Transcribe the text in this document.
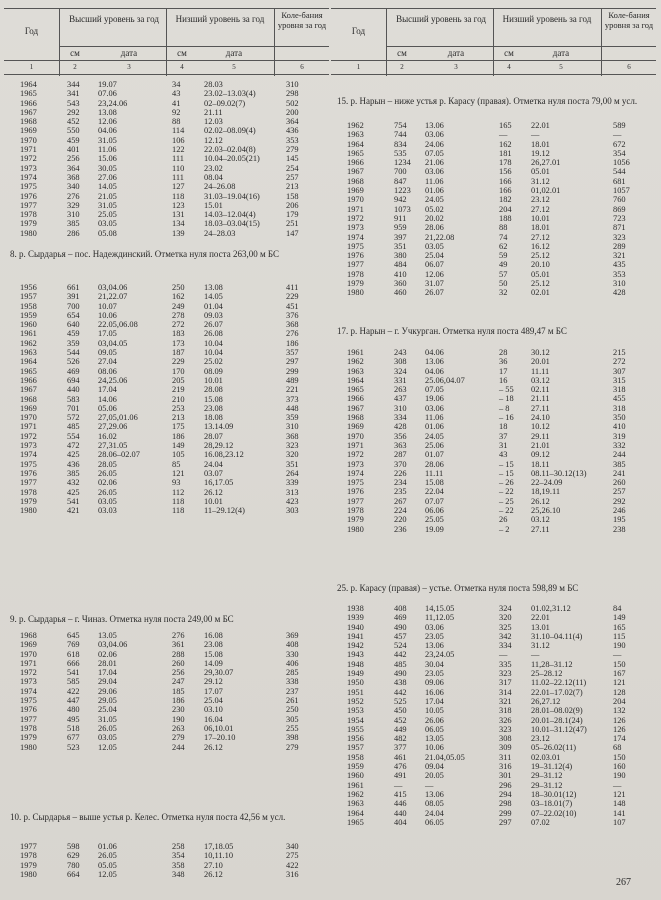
Год
Высший уровень за год	Низший уровень за год	Коле-бания уровня за год
см	дата	см	дата
1	2	3	4	5	6
1964	344 19.07	34	28.03	310
1965	341 07.06	43	23.02–13.03(4)	298
1966	543 23,24.06	41	02–09.02(7)	502
1967	292 13.08	92	21.11	200
1968	452 12.06	88	12.03	364
1969	550 04.06	114 02.02–08.09(4)	436
1970	459 31.05	106 12.12	353
1971	401 11.06	122 22.03–02.04(8)	279
1972	256 15.06	111 10.04–20.05(21)	145
1973	364 30.05	110 23.02	254
1974	368 27.06	111 08.04	257
1975	340 14.05	127 24–26.08	213
1976	276 21.05	118 31.03–19.04(16)	158
1977	329 31.05	123 15.01	206
1978	310 25.05	131 14.03–12.04(4)	179
1979	385 03.05	134 18.03–03.04(15)	251
1980	286 05.08	139 24–28.03	147
8. р. Сырдарья – пос. Надеждинский. Отметка нуля поста 263,00 м БС
1956	661 03,04.06	250 13.08	411
1957	391 21,22.07	162 14.05	229
1958	700 10.07	249 01.04	451
1959	654 10.06	278 09.03	376
1960	640 22.05,06.08	272 26.07	368
1961	459 17.05	183 26.08	276
1962	359 03,04.05	173 10.04	186
1963	544 09.05	187 10.04	357
1964	526 27.04	229 25.02	297
1965	469 08.06	170 08.09	299
1966	694 24,25.06	205 10.01	489
1967	440 17.04	219 28.08	221
1968	583 14.06	210 15.08	373
1969	701 05.06	253 23.08	448
1970	572 27,05,01.06	213 18.08	359
1971	485 27,29.06	175 13.14.09	310
1972	554 16.02	186 28.07	368
1973	472 27,31.05	149 28,29.12	323
1974	425 28.06–02.07	105 16.08,23.12	320
1975	436 28.05	85	24.04	351
1976	385 26.05	121 03.07	264
1977	432 02.06	93	16,17.05	339
1978	425 26.05	112 26.12	313
1979	541 03.05	118 10.01	423
1980	421 03.03	118 11–29.12(4)	303
9. р. Сырдарья – г. Чиназ. Отметка нуля поста 249,00 м БС
1968	645 13.05	276 16.08	369
1969	769 03,04.06	361 23.08	408
1970	618 02.06	288 15.08	330
1971	666 28.01	260 14.09	406
1972	541 17.04	256 29,30.07	285
1973	585 29.04	247 29.12	338
1974	422 29.06	185 17.07	237
1975	447 29.05	186 25.04	261
1976	480 25.04	230 03.10	250
1977	495 31.05	190 16.04	305
1978	518 26.05	263 06,10.01	255
1979	677 03.05	279 17–20.10	398
1980	523 12.05	244 26.12	279
10. р. Сырдарья – выше устья р. Келес. Отметка нуля поста 42,56 м усл.
1977	598 01.06	258 17,18.05	340
1978	629 26.05	354 10,11.10	275
1979	780 05.05	358 27.10	422
1980	664 12.05	348 26.12	316
Год
Высший уровень за год	Низший уровень за год	Коле-бания уровня за год
см	дата	см	дата
1	2	3	4	5	6
15. р. Нарын – ниже устья р. Карасу (правая). Отметка нуля поста 79,00 м усл.
1962	754 13.06	165 22.01	589
1963	744 03.06	—	—	—
1964	834 24.06	162 18.01	672
1965	535 07.05	181 19.12	354
1966	1234 21.06	178 26,27.01	1056
1967	700 03.06	156 05.01	544
1968	847 11.06	166 31.12	681
1969	1223 01.06	166 01,02.01	1057
1970	942 24.05	182 23.12	760
1971	1073 05.02	204 27.12	869
1972	911 20.02	188 10.01	723
1973	959 28.06	88	18.01	871
1974	397 21,22.08	74	27.12	323
1975	351 03.05	62	16.12	289
1976	380 25.04	59	25.12	321
1977	484 06.07	49	20.10	435
1978	410 12.06	57	05.01	353
1979	360 31.07	50	25.12	310
1980	460 26.07	32	02.01	428
17. р. Нарын – г. Учкурган. Отметка нуля поста 489,47 м БС
1961	243 04.06	28	30.12	215
1962	308 13.06	36	20.01	272
1963	324 04.06	17	11.11	307
1964	331 25.06,04.07	16	03.12	315
1965	263 07.05	– 55 02.11	318
1966	437 19.06	– 18 21.11	455
1967	310 03.06	– 8	27.11	318
1968	334 11.06	– 16 24.10	350
1969	428 01.06	18	10.12	410
1970	356 24.05	37	29.11	319
1971	363 25.06	31	21.01	332
1972	287 01.07	43	09.12	244
1973	370 28.06	– 15 18.11	385
1974	226 11.11	– 15 08.11–30.12(13)	241
1975	234 15.08	– 26 22–24.09	260
1976	235 22.04	– 22 18,19.11	257
1977	267 07.07	– 25 26.12	292
1978	224 06.06	– 22 25,26.10	246
1979	220 25.05	26	03.12	195
1980	236 19.09	– 2	27.11	238
25. р. Карасу (правая) – устье. Отметка нуля поста 598,89 м БС
1938	408 14,15.05	324 01.02,31.12	84
1939	469 11,12.05	320 22.01	149
1940	490 03.06	325 13.01	165
1941	457 23.05	342 31.10–04.11(4)	115
1942	524 13.06	334 31.12	190
1943	442 23,24.05	—	—	—
1948	485 30.04	335 11,28–31.12	150
1949	490 23.05	323 25–28.12	167
1950	438 09.06	317 11.02–22.12(11)	121
1951	442 16.06	314 22.01–17.02(7)	128
1952	525 17.04	321 26,27.12	204
1953	450 10.05	318 28.01–08.02(9)	132
1954	452 26.06	326 20.01–28.1(24)	126
1955	449 06.05	323 10.01–31.12(47)	126
1956	482 13.05	308 23.12	174
1957	377 10.06	309 05–26.02(11)	68
1958	461 21.04,05.05	311 02.03.01	150
1959	476 09.04	316 19–31.12(4)	160
1960	491 20.05	301 29–31.12	190
1961	—	—	296 29–31.12	—
1962	415 13.06	294 18–30.01(12)	121
1963	446 08.05	298 03–18.01(7)	148
1964	440 24.04	299 07–22.02(10)	141
1965	404 06.05	297 07.02	107
267
